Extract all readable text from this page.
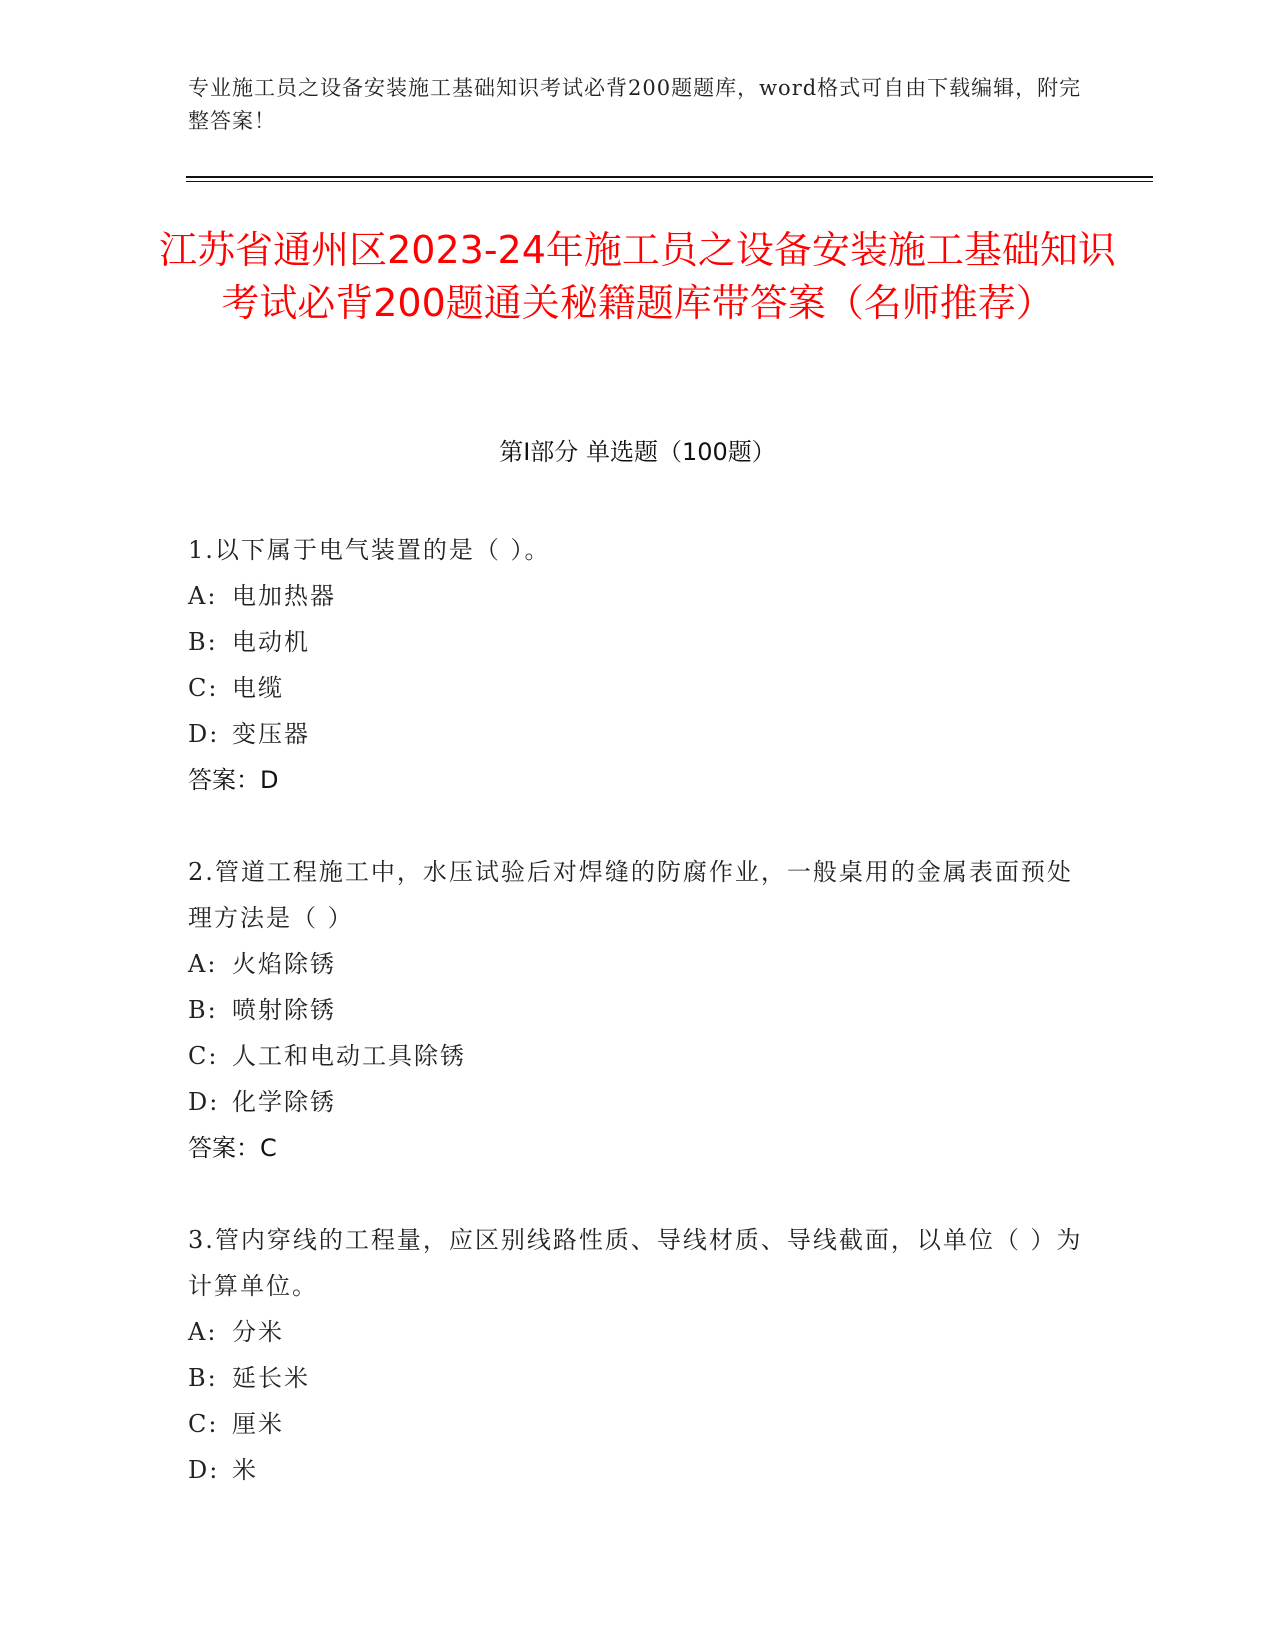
专业施工员之设备安装施工基础知识考试必背200题题库，word格式可自由下载编辑，附完整答案！
江苏省通州区2023-24年施工员之设备安装施工基础知识考试必背200题通关秘籍题库带答案（名师推荐）
第I部分 单选题（100题）
1.以下属于电气装置的是（ ）。
A: 电加热器
B: 电动机
C: 电缆
D: 变压器
答案：D
2.管道工程施工中，水压试验后对焊缝的防腐作业，一般桌用的金属表面预处理方法是（ ）
A: 火焰除锈
B: 喷射除锈
C: 人工和电动工具除锈
D: 化学除锈
答案：C
3.管内穿线的工程量，应区别线路性质、导线材质、导线截面，以单位（ ）为计算单位。
A: 分米
B: 延长米
C: 厘米
D: 米
